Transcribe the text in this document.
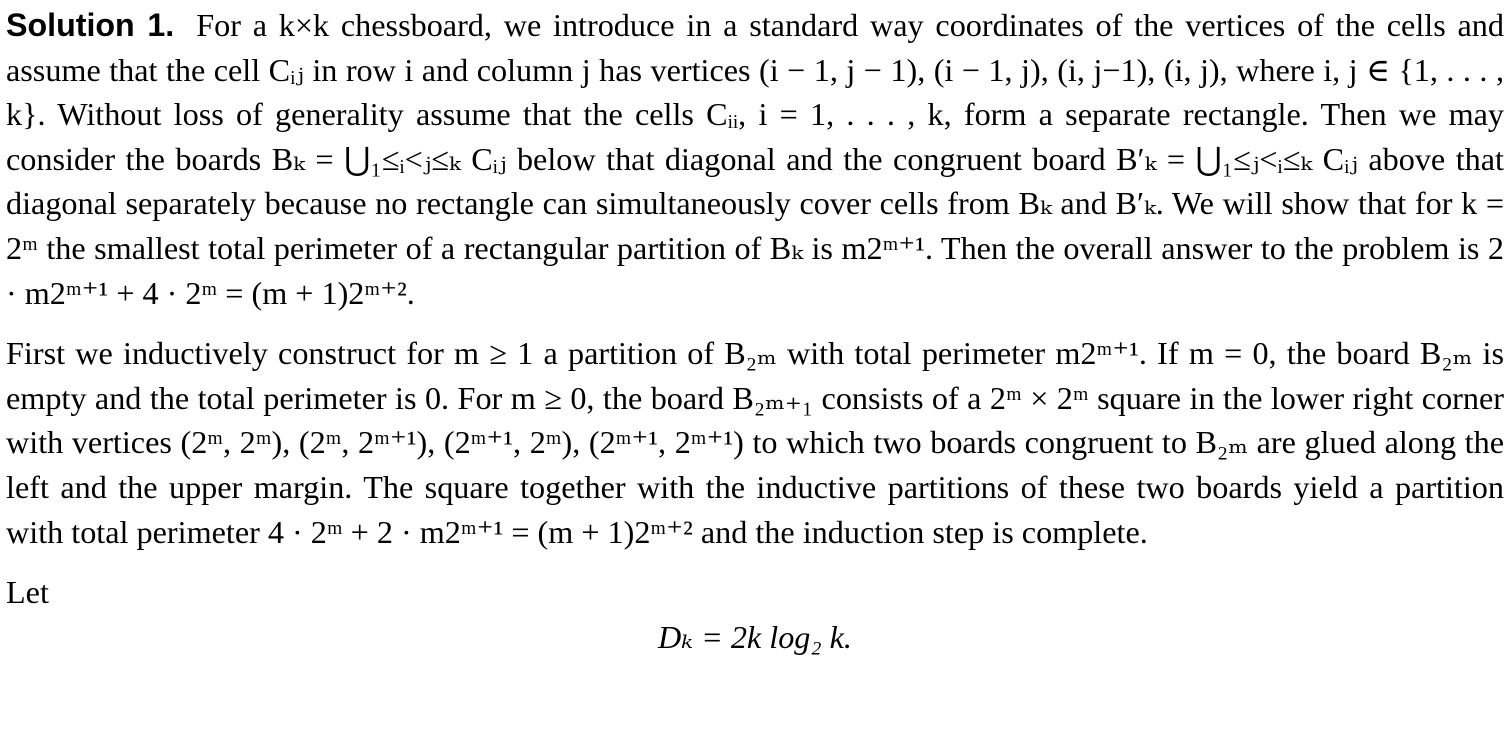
Solution 1. For a k×k chessboard, we introduce in a standard way coordinates of the vertices of the cells and assume that the cell Cᵢⱼ in row i and column j has vertices (i − 1, j − 1), (i − 1, j), (i, j−1), (i, j), where i, j ∈ {1, . . . , k}. Without loss of generality assume that the cells Cᵢᵢ, i = 1, . . . , k, form a separate rectangle. Then we may consider the boards Bₖ = ⋃₁≤ᵢ<ⱼ≤ₖ Cᵢⱼ below that diagonal and the congruent board B′ₖ = ⋃₁≤ⱼ<ᵢ≤ₖ Cᵢⱼ above that diagonal separately because no rectangle can simultaneously cover cells from Bₖ and B′ₖ. We will show that for k = 2ᵐ the smallest total perimeter of a rectangular partition of Bₖ is m2ᵐ⁺¹. Then the overall answer to the problem is 2 · m2ᵐ⁺¹ + 4 · 2ᵐ = (m + 1)2ᵐ⁺².

First we inductively construct for m ≥ 1 a partition of B₂ₘ with total perimeter m2ᵐ⁺¹. If m = 0, the board B₂ₘ is empty and the total perimeter is 0. For m ≥ 0, the board B₂ₘ₊₁ consists of a 2ᵐ × 2ᵐ square in the lower right corner with vertices (2ᵐ, 2ᵐ), (2ᵐ, 2ᵐ⁺¹), (2ᵐ⁺¹, 2ᵐ), (2ᵐ⁺¹, 2ᵐ⁺¹) to which two boards congruent to B₂ₘ are glued along the left and the upper margin. The square together with the inductive partitions of these two boards yield a partition with total perimeter 4 · 2ᵐ + 2 · m2ᵐ⁺¹ = (m + 1)2ᵐ⁺² and the induction step is complete.

Let

Dₖ = 2k log₂ k.
